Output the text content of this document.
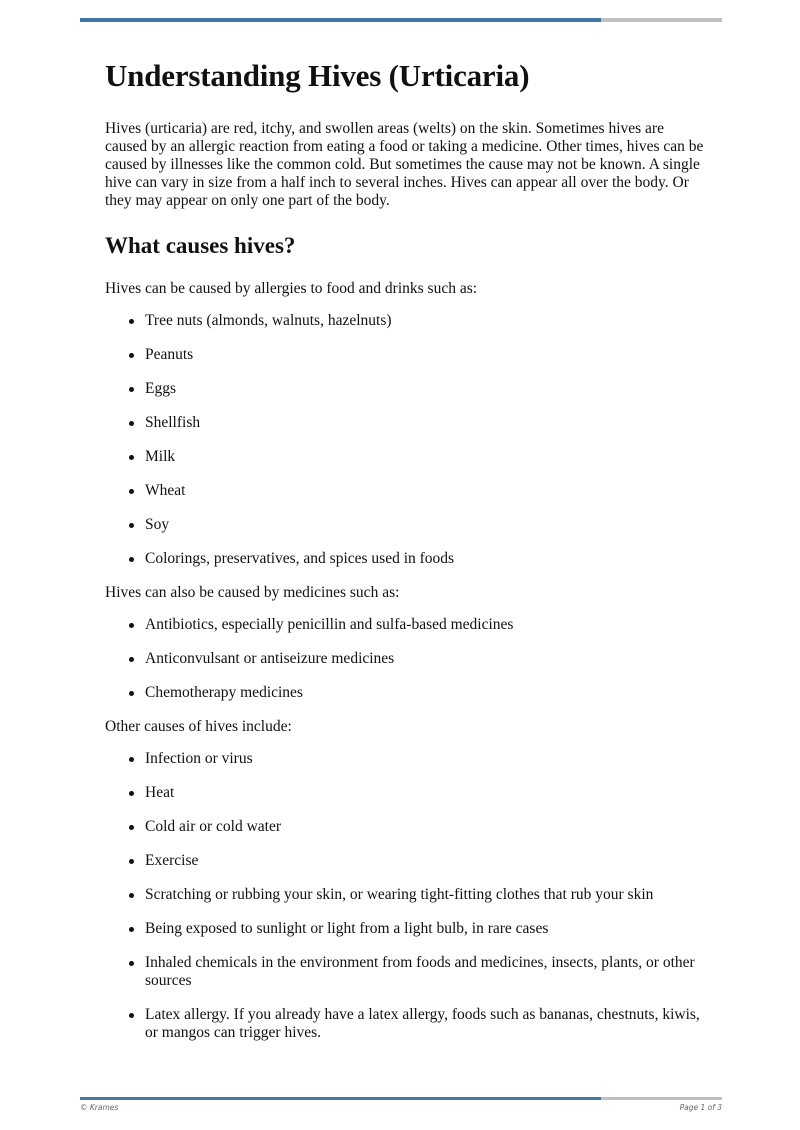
Understanding Hives (Urticaria)

Hives (urticaria) are red, itchy, and swollen areas (welts) on the skin. Sometimes hives are caused by an allergic reaction from eating a food or taking a medicine. Other times, hives can be caused by illnesses like the common cold. But sometimes the cause may not be known. A single hive can vary in size from a half inch to several inches. Hives can appear all over the body. Or they may appear on only one part of the body.

What causes hives?

Hives can be caused by allergies to food and drinks such as:

Tree nuts (almonds, walnuts, hazelnuts)
Peanuts
Eggs
Shellfish
Milk
Wheat
Soy
Colorings, preservatives, and spices used in foods

Hives can also be caused by medicines such as:

Antibiotics, especially penicillin and sulfa-based medicines
Anticonvulsant or antiseizure medicines
Chemotherapy medicines

Other causes of hives include:

Infection or virus
Heat
Cold air or cold water
Exercise
Scratching or rubbing your skin, or wearing tight-fitting clothes that rub your skin
Being exposed to sunlight or light from a light bulb, in rare cases
Inhaled chemicals in the environment from foods and medicines, insects, plants, or other sources
Latex allergy. If you already have a latex allergy, foods such as bananas, chestnuts, kiwis, or mangos can trigger hives.
© Krames	Page 1 of 3
